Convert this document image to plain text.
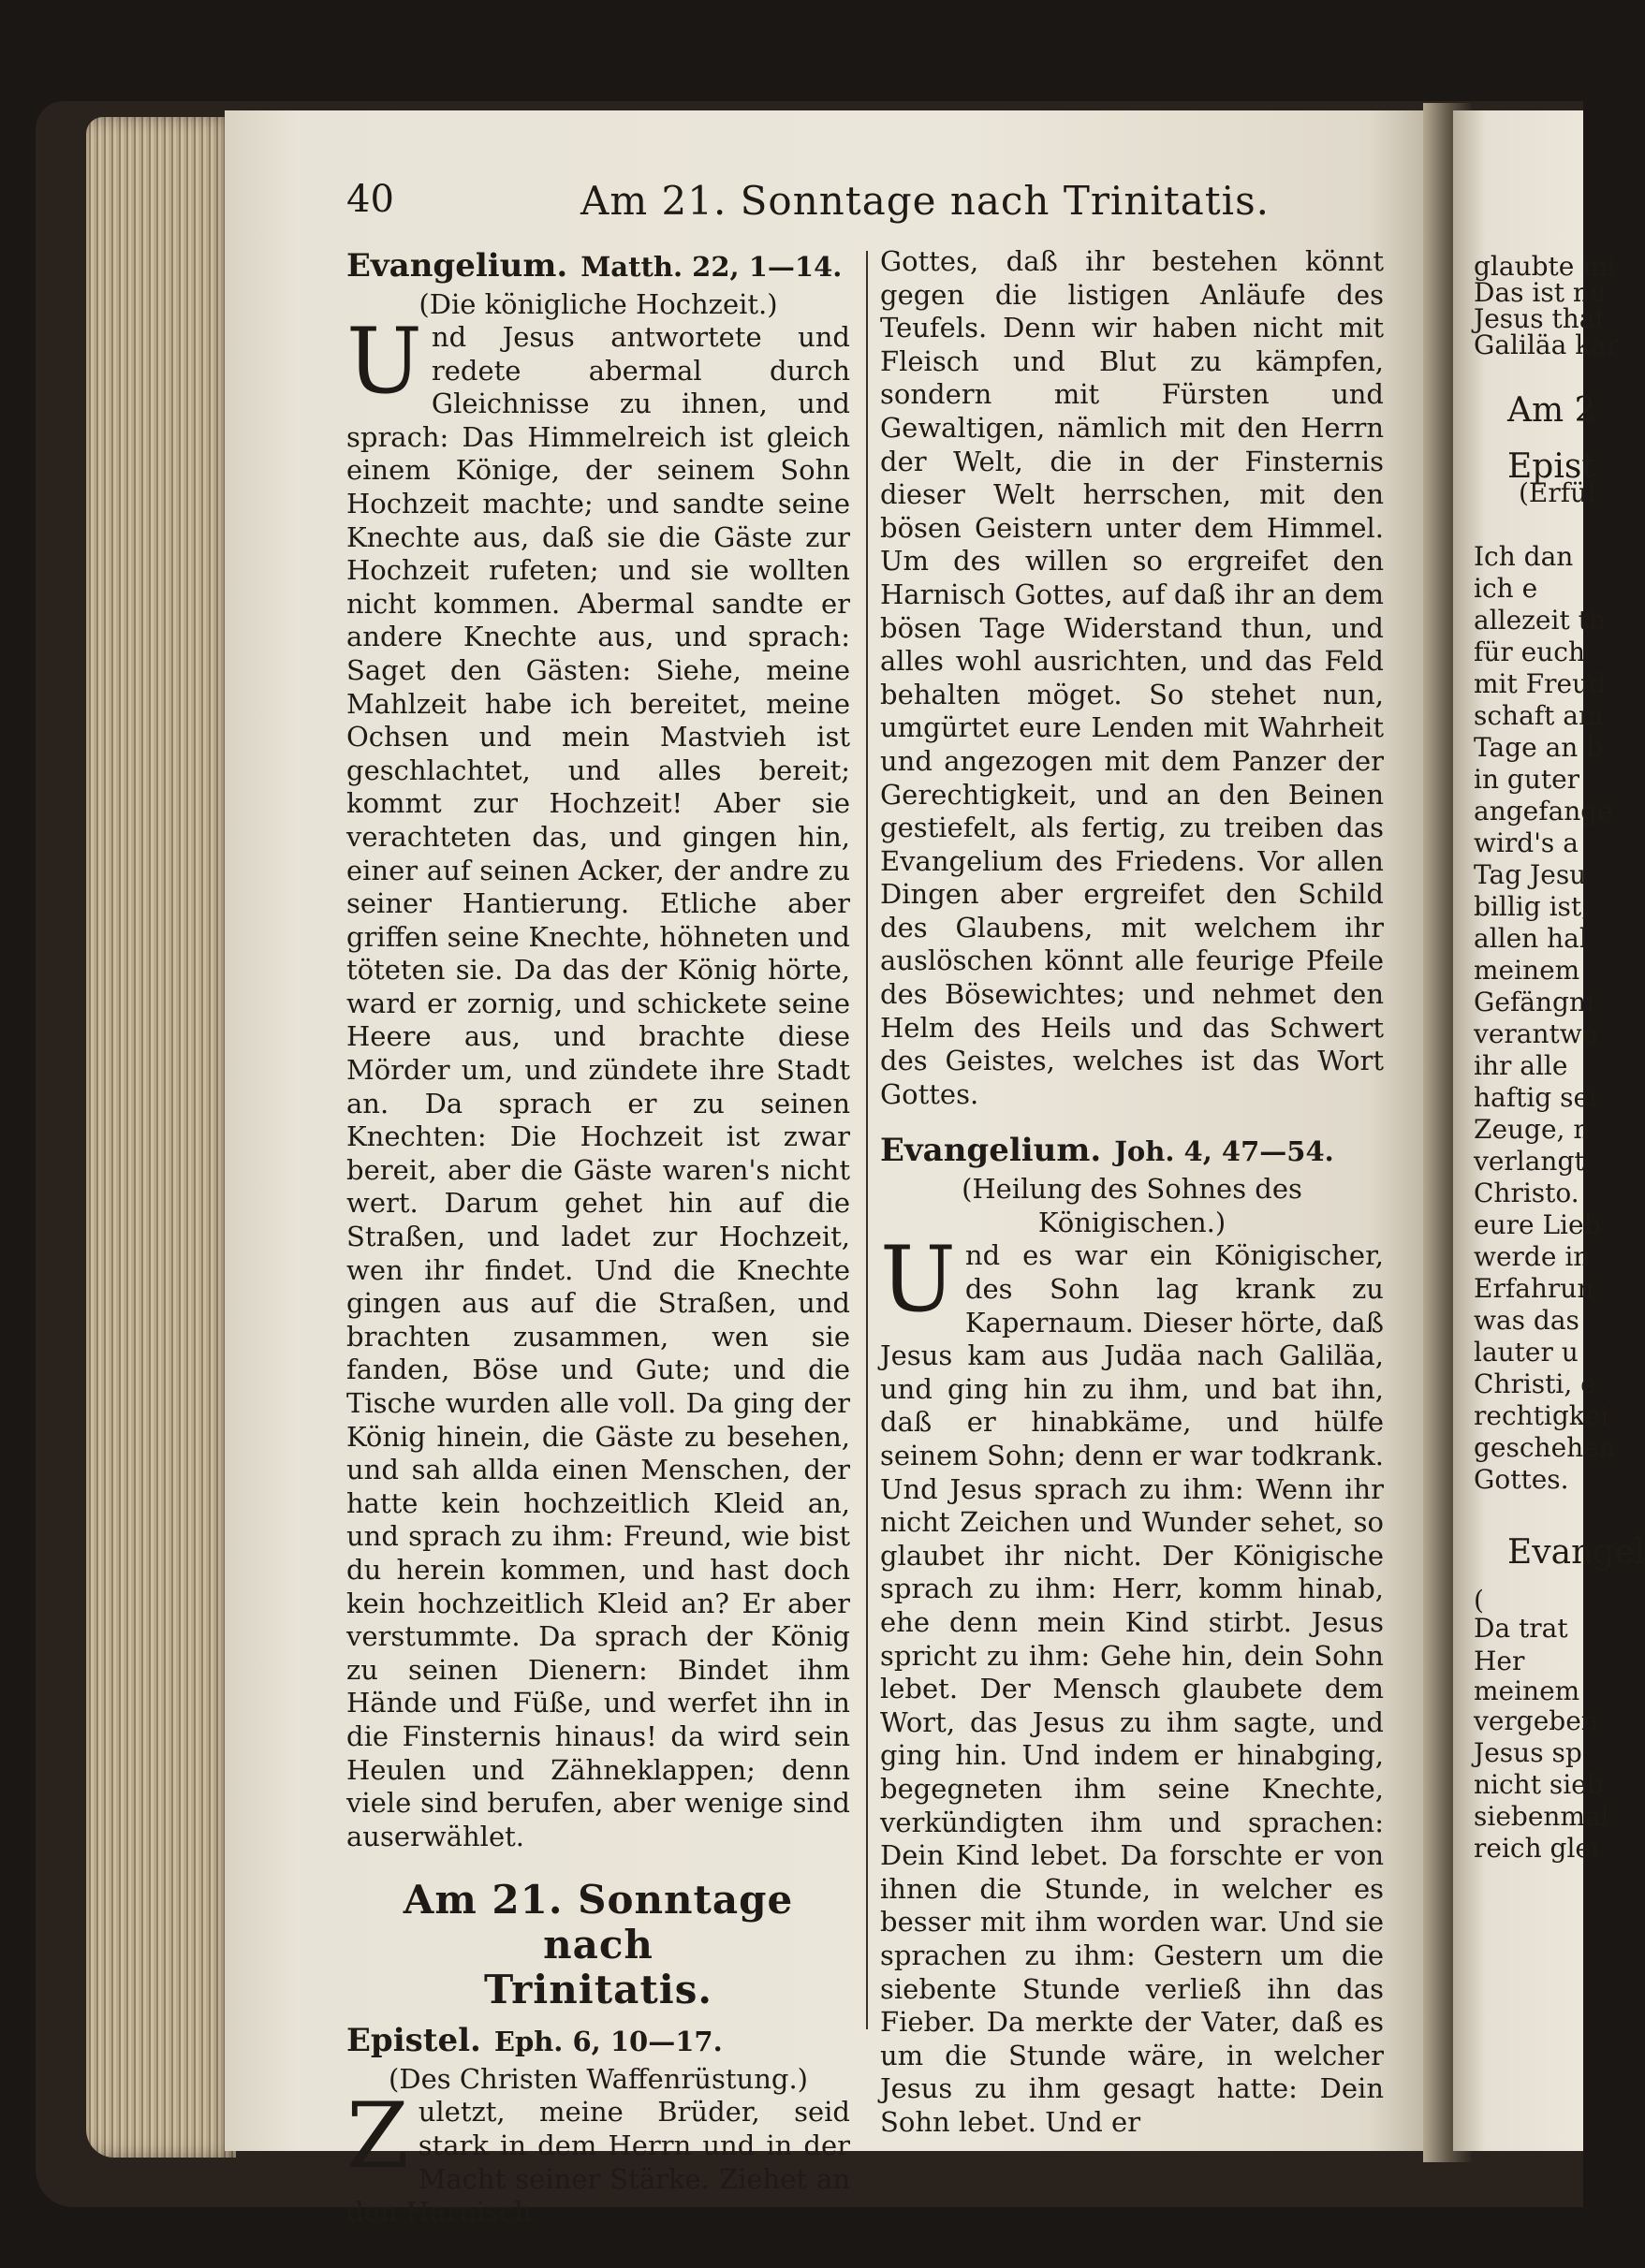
glaubte mi
Das ist nu
Jesus that
Galiläa kar
Am 2
Epist
(Erfül
Ich dan
ich e
allezeit th
für euch
mit Freud
schaft am
Tage an b
in guter
angefange
wird's a
Tag Jesu
billig ist,
allen hal
meinem
Gefängni
verantwo
ihr alle
haftig sei
Zeuge, n
verlangt
Christo.
eure Lieb
werde in
Erfahrun
was das
lauter u
Christi, e
rechtigkei
geschehen
Gottes.
Evangel
(
Da trat
Her
meinem
vergeben
Jesus sp
nicht sieb
siebenmal
reich glei
40	Am 21. Sonntage nach Trinitatis.
Evangelium. Matth. 22, 1—14.

(Die königliche Hochzeit.)

Und Jesus antwortete und redete abermal durch Gleichnisse zu ihnen, und sprach: Das Himmelreich ist gleich einem Könige, der seinem Sohn Hochzeit machte; und sandte seine Knechte aus, daß sie die Gäste zur Hochzeit rufeten; und sie wollten nicht kommen. Abermal sandte er andere Knechte aus, und sprach: Saget den Gästen: Siehe, meine Mahlzeit habe ich bereitet, meine Ochsen und mein Mastvieh ist geschlachtet, und alles bereit; kommt zur Hochzeit! Aber sie verachteten das, und gingen hin, einer auf seinen Acker, der andre zu seiner Hantierung. Etliche aber griffen seine Knechte, höhneten und töteten sie. Da das der König hörte, ward er zornig, und schickete seine Heere aus, und brachte diese Mörder um, und zündete ihre Stadt an. Da sprach er zu seinen Knechten: Die Hochzeit ist zwar bereit, aber die Gäste waren's nicht wert. Darum gehet hin auf die Straßen, und ladet zur Hochzeit, wen ihr findet. Und die Knechte gingen aus auf die Straßen, und brachten zusammen, wen sie fanden, Böse und Gute; und die Tische wurden alle voll. Da ging der König hinein, die Gäste zu besehen, und sah allda einen Menschen, der hatte kein hochzeitlich Kleid an, und sprach zu ihm: Freund, wie bist du herein kommen, und hast doch kein hochzeitlich Kleid an? Er aber verstummte. Da sprach der König zu seinen Dienern: Bindet ihm Hände und Füße, und werfet ihn in die Finsternis hinaus! da wird sein Heulen und Zähneklappen; denn viele sind berufen, aber wenige sind auserwählet.

Am 21. Sonntage nach
Trinitatis.
Epistel. Eph. 6, 10—17.

(Des Christen Waffenrüstung.)

Zuletzt, meine Brüder, seid stark in dem Herrn und in der Macht seiner Stärke. Ziehet an den Harnisch

Gottes, daß ihr bestehen könnt gegen die listigen Anläufe des Teufels. Denn wir haben nicht mit Fleisch und Blut zu kämpfen, sondern mit Fürsten und Gewaltigen, nämlich mit den Herrn der Welt, die in der Finsternis dieser Welt herrschen, mit den bösen Geistern unter dem Himmel. Um des willen so ergreifet den Harnisch Gottes, auf daß ihr an dem bösen Tage Widerstand thun, und alles wohl ausrichten, und das Feld behalten möget. So stehet nun, umgürtet eure Lenden mit Wahrheit und angezogen mit dem Panzer der Gerechtigkeit, und an den Beinen gestiefelt, als fertig, zu treiben das Evangelium des Friedens. Vor allen Dingen aber ergreifet den Schild des Glaubens, mit welchem ihr auslöschen könnt alle feurige Pfeile des Bösewichtes; und nehmet den Helm des Heils und das Schwert des Geistes, welches ist das Wort Gottes.

Evangelium. Joh. 4, 47—54.

(Heilung des Sohnes des Königischen.)

Und es war ein Königischer, des Sohn lag krank zu Kapernaum. Dieser hörte, daß Jesus kam aus Judäa nach Galiläa, und ging hin zu ihm, und bat ihn, daß er hinabkäme, und hülfe seinem Sohn; denn er war todkrank. Und Jesus sprach zu ihm: Wenn ihr nicht Zeichen und Wunder sehet, so glaubet ihr nicht. Der Königische sprach zu ihm: Herr, komm hinab, ehe denn mein Kind stirbt. Jesus spricht zu ihm: Gehe hin, dein Sohn lebet. Der Mensch glaubete dem Wort, das Jesus zu ihm sagte, und ging hin. Und indem er hinabging, begegneten ihm seine Knechte, verkündigten ihm und sprachen: Dein Kind lebet. Da forschte er von ihnen die Stunde, in welcher es besser mit ihm worden war. Und sie sprachen zu ihm: Gestern um die siebente Stunde verließ ihn das Fieber. Da merkte der Vater, daß es um die Stunde wäre, in welcher Jesus zu ihm gesagt hatte: Dein Sohn lebet. Und er
